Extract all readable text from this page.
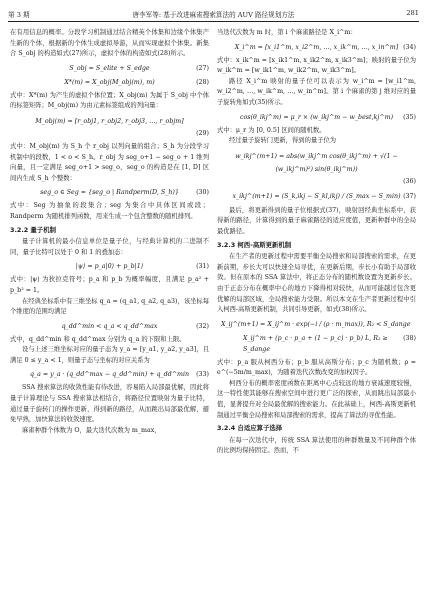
第 3 期	唐李军等: 基于改进麻雀搜索算法的 AUV 路径规划方法	281

在有用信息的概率。分段学习机制通过结合精英个体集和边缘个体集产生新的个体，根据新的个体生成虚拟导游，从而实现虚拟个体集。新集合 S_obj 的构造如式(27)所示，虚拟个体的构造如式(28)所示。

S_obj = S_elite + S_edge	(27)
X*(m) = X_obj(M_obj(m), m)	(28)

式中：X*(m) 为产生的虚拟个体位置；X_obj(m) 为属于 S_obj 中个体的标签矩阵；M_obj(m) 为由元素标签组成的列向量：

M_obj(m) = [r_obj1, r_obj2, r_obj3, …, r_objm]
(29)

式中：M_obj(m) 为 S_h 个 r_obj 以列向量的组合；S_h 为分段学习机制中的段数，1 < o < S_h。r_obj 为 seg_o+1 − seg_o + 1 维列向量，且一定满足 seg_o+1 > seg_o，seg_o 的构造是在 [1, D] 区间内生成 S_h 个整数：

seg_o ∈ Seg = {seg_o | Randperm(D, S_h)}	(30)

式中：Seg 为抽象的段集合；seg 为集合中具体区间或段；Randperm 为随机排列函数，用来生成一个包含整数的随机排列。

3.2.2 量子机制

量子计算机的最小信息单位是量子位，与经典计算机的二进制不同，量子比特可以处于 0 和 1 的叠加态：

|ψ⟩ = p_a|0⟩ + p_b|1⟩	(31)

式中：|ψ⟩ 为狄拉克符号；p_a 和 p_b 为概率幅度，且满足 p_a² + p_b² = 1。

在经典坐标系中有三维坐标 q_a = (q_a1, q_a2, q_a3)，该坐标每个维度的范围均满足

q_dd^min < q_a < q_dd^max	(32)

式中，q_dd^min 和 q_dd^max 分别为 q_a 的下限和上限。

设与上述三维坐标对应的量子态为 y_a = [y_a1, y_a2, y_a3]，且满足 0 ≤ y_a < 1，则量子态与坐标的对应关系为

q_a = y_a · (q_dd^max − q_dd^min) + q_dd^min (33)

SSA 搜索算法的收敛性能有待改进，容易陷入局部最优解，因此将量子计算理论与 SSA 搜索算法相结合，将路径位置映射为量子比特，通过量子旋转门的操作更新，得到新的路径，从而跳出局部最优解，避免早熟，加快算法的收敛速度。

麻雀种群个体数为 O，最大迭代次数为 m_max，

当迭代次数为 m 时，第 i 个麻雀路径是 X_i^m：

X_i^m = [x_i1^m, x_i2^m, …, x_ik^m, …, x_in^m] (34)

式中：x_ik^m = [x_ik1^m, x_ik2^m, x_ik3^m]；映射的量子位为 w_ik^m = [w_ik1^m, w_ik2^m, w_ik3^m]。

路径 X_i^m 映射的量子位可以表示为 w_i^m = [w_i1^m, w_i2^m, …, w_ik^m, …, w_in^m]。第 i 个麻雀的第 j 维对应的量子旋转角如式(35)所示。

cos(θ_ikj^m) = μ_r × (w_ikj^m − w_best,kj^m) (35)

式中：μ_r 为 [0, 0.5] 区间的随机数。

经过量子旋转门更新，得到的量子位为

w_ikj^(m+1) = abs(w_ikj^m cos(θ_ikj^m) + √(1 − (w_ikj^m)²) sin(θ_ikj^m))
(36)

x_ikj^(m+1) = (S_k,ikj − S_kl,ikj) / (S_max − S_min) (37)

最后，将更新得到的量子位根据式(37)，映射回经典坐标系中，获得新的路径，计算得到的量子麻雀路径的适应度值，更新种群中的全局最优路径。

3.2.3 柯西-高斯更新机制

在生产者的更新过程中需要平衡全局搜索和局部搜索的需求，在更新前期，步长大可以快速全局寻优，在更新后期，步长小有助于局部收敛。但在原本的 SSA 算法中，将正态分布的随机数设置为更新步长。由于正态分布在概率中心的地方下降得相对较快，从而可能越过包含更优解的局部区域，全局搜索能力受限。所以本文在生产者更新过程中引入柯西-高斯更新机制，共同引导更新，如式(38)所示。

X_ij^(m+1) = X_ij^m · exp(−i / (ρ · m_max)), R₂ < S_dange
X_ij^m + (p_c · p_a + (1 − p_c) · p_b) L, R₂ ≥ S_dange
(38)

式中：p_a 服从柯西分布；p_b 服从高斯分布；p_c 为随机数；ρ = e^(−5m/m_max)，为随着迭代次数改变的加权因子。

柯西分布的概率密度函数在距离中心点较远的地方衰减速度较慢，这一特性使其能够在搜索空间中进行更广泛的探索，从而跳出局部最小值，显著提升对全局最优解的搜索能力。在此基础上，柯西-高斯更新机制通过平衡全局搜索和局部搜索的需求，提高了算法的寻优性能。

3.2.4 自适应算子选择

在每一次迭代中，传统 SSA 算法使用的种群数量及不同种群个体的比例均保持固定。然而，不
